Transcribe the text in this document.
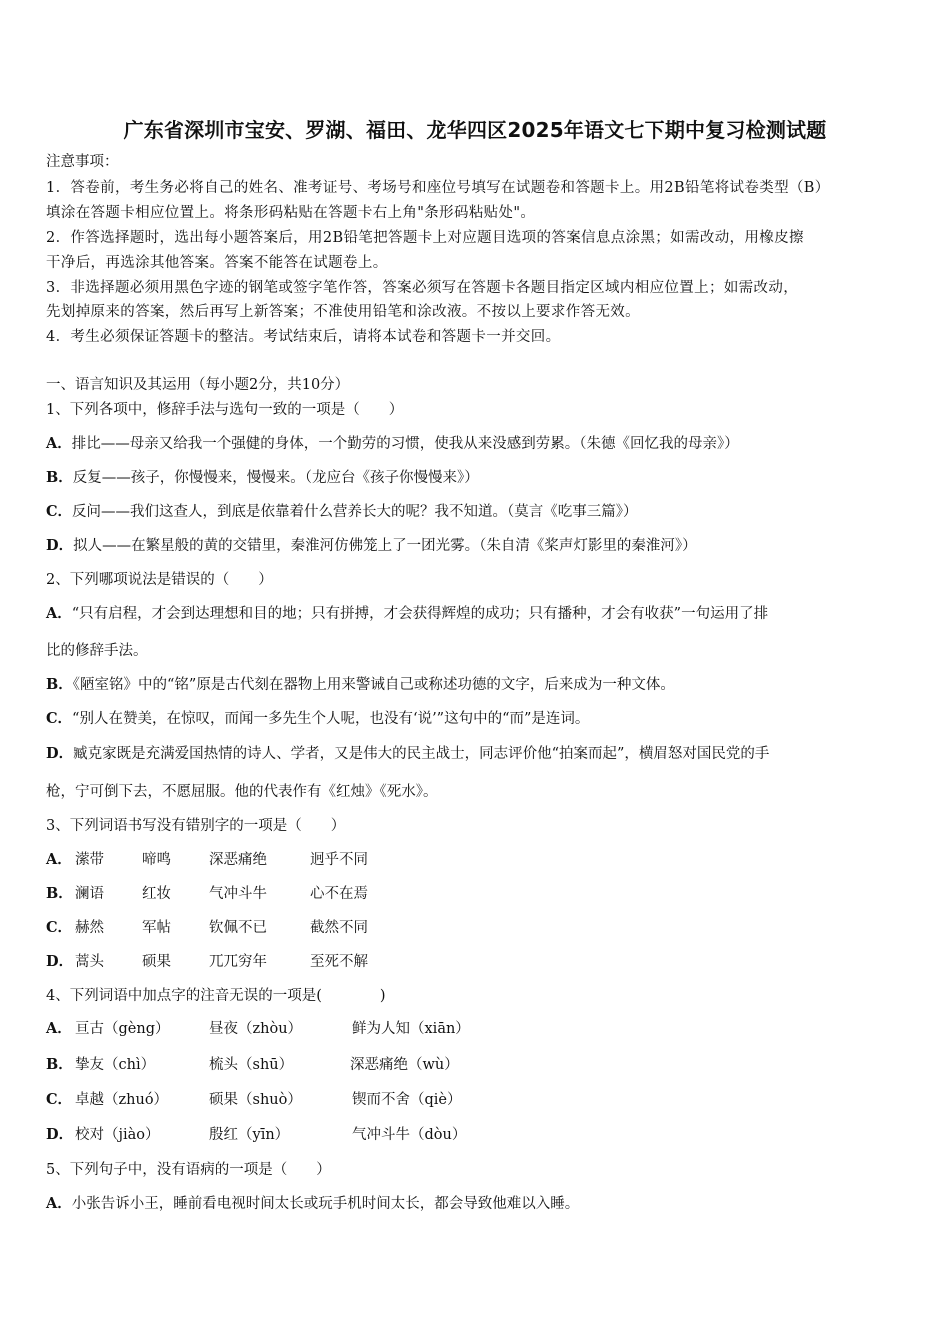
广东省深圳市宝安、罗湖、福田、龙华四区2025年语文七下期中复习检测试题
注意事项：
1．答卷前，考生务必将自己的姓名、准考证号、考场号和座位号填写在试题卷和答题卡上。用2B铅笔将试卷类型（B）
填涂在答题卡相应位置上。将条形码粘贴在答题卡右上角"条形码粘贴处"。
2．作答选择题时，选出每小题答案后，用2B铅笔把答题卡上对应题目选项的答案信息点涂黑；如需改动，用橡皮擦
干净后，再选涂其他答案。答案不能答在试题卷上。
3．非选择题必须用黑色字迹的钢笔或签字笔作答，答案必须写在答题卡各题目指定区域内相应位置上；如需改动，
先划掉原来的答案，然后再写上新答案；不准使用铅笔和涂改液。不按以上要求作答无效。
4．考生必须保证答题卡的整洁。考试结束后，请将本试卷和答题卡一并交回。
一、语言知识及其运用（每小题2分，共10分）
1、下列各项中，修辞手法与选句一致的一项是（　　）
A．排比——母亲又给我一个强健的身体，一个勤劳的习惯，使我从来没感到劳累。（朱德《回忆我的母亲》）
B．反复——孩子，你慢慢来，慢慢来。（龙应台《孩子你慢慢来》）
C．反问——我们这查人，到底是依靠着什么营养长大的呢？我不知道。（莫言《吃事三篇》）
D．拟人——在繁星般的黄的交错里，秦淮河仿佛笼上了一团光雾。（朱自清《桨声灯影里的秦淮河》）
2、下列哪项说法是错误的（　　）
A．“只有启程，才会到达理想和目的地；只有拼搏，才会获得辉煌的成功；只有播种，才会有收获”一句运用了排
比的修辞手法。
B．《陋室铭》中的“铭”原是古代刻在器物上用来警诫自己或称述功德的文字，后来成为一种文体。
C．“别人在赞美，在惊叹，而闻一多先生个人呢，也没有‘说’”这句中的“而”是连词。
D．臧克家既是充满爱国热情的诗人、学者，又是伟大的民主战士，同志评价他“拍案而起”，横眉怒对国民党的手
枪，宁可倒下去，不愿屈服。他的代表作有《红烛》《死水》。
3、下列词语书写没有错别字的一项是（　　）
A． 潆带	啼鸣	深恶痛绝	迥乎不同
B． 澜语	红妆	气冲斗牛	心不在焉
C． 赫然	军帖	钦佩不已	截然不同
D． 蒿头	硕果	兀兀穷年	至死不解
4、下列词语中加点字的注音无误的一项是(　　　　)
A． 亘古（gèng）	昼夜（zhòu）	鲜为人知（xiān）
B． 挚友（chì）	梳头（shū）	深恶痛绝（wù）
C． 卓越（zhuó）	硕果（shuò）	锲而不舍（qiè）
D． 校对（jiào）	殷红（yīn）	气冲斗牛（dòu）
5、下列句子中，没有语病的一项是（　　）
A．小张告诉小王，睡前看电视时间太长或玩手机时间太长，都会导致他难以入睡。
